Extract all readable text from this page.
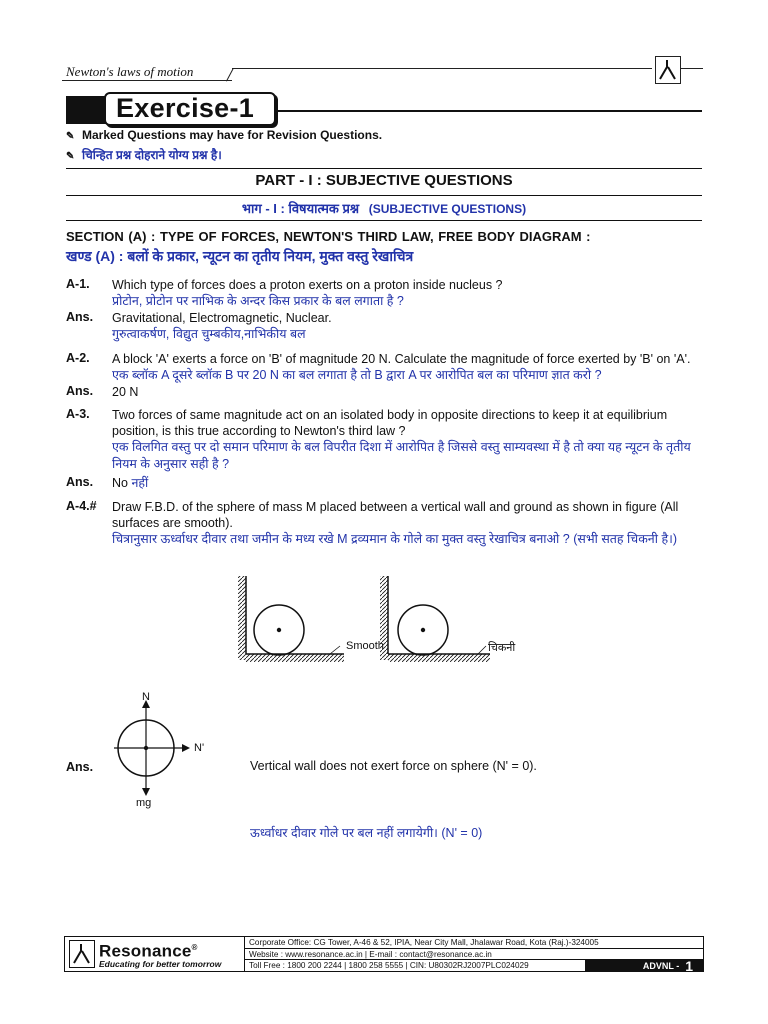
Newton's laws of motion
Exercise-1
✎ Marked Questions may have for Revision Questions.
✎ चिन्हित प्रश्न दोहराने योग्य प्रश्न है।
PART - I : SUBJECTIVE QUESTIONS
भाग - I : विषयात्मक प्रश्न (SUBJECTIVE QUESTIONS)
SECTION (A) : TYPE OF FORCES, NEWTON'S THIRD LAW, FREE BODY DIAGRAM :
खण्ड (A) : बलों के प्रकार, न्यूटन का तृतीय नियम, मुक्त वस्तु रेखाचित्र
A-1. Which type of forces does a proton exerts on a proton inside nucleus ?
प्रोटोन, प्रोटोन पर नाभिक के अन्दर किस प्रकार के बल लगाता है ?
Ans. Gravitational, Electromagnetic, Nuclear.
गुरुत्वाकर्षण, विद्युत चुम्बकीय,नाभिकीय बल
A-2. A block 'A' exerts a force on 'B' of magnitude 20 N. Calculate the magnitude of force exerted by 'B' on 'A'.
एक ब्लॉक A दूसरे ब्लॉक B पर 20 N का बल लगाता है तो B द्वारा A पर आरोपित बल का परिमाण ज्ञात करो ?
Ans. 20 N
A-3. Two forces of same magnitude act on an isolated body in opposite directions to keep it at equilibrium position, is this true according to Newton's third law ?
एक विलगित वस्तु पर दो समान परिमाण के बल विपरीत दिशा में आरोपित है जिससे वस्तु साम्यवस्था में है तो क्या यह न्यूटन के तृतीय नियम के अनुसार सही है ?
Ans. No नहीं
A-4.# Draw F.B.D. of the sphere of mass M placed between a vertical wall and ground as shown in figure (All surfaces are smooth).
चित्रानुसार ऊर्ध्वाधर दीवार तथा जमीन के मध्य रखे M द्रव्यमान के गोले का मुक्त वस्तु रेखाचित्र बनाओ ? (सभी सतह चिकनी है।)
Smooth	चिकनी
N
N'
mg
Ans.	Vertical wall does not exert force on sphere (N' = 0).
ऊर्ध्वाधर दीवार गोले पर बल नहीं लगायेगी। (N' = 0)
Resonance®
Educating for better tomorrow
Corporate Office: CG Tower, A-46 & 52, IPIA, Near City Mall, Jhalawar Road, Kota (Raj.)-324005
Website : www.resonance.ac.in | E-mail : contact@resonance.ac.in
Toll Free : 1800 200 2244 | 1800 258 5555 | CIN: U80302RJ2007PLC024029	ADVNL - 1
